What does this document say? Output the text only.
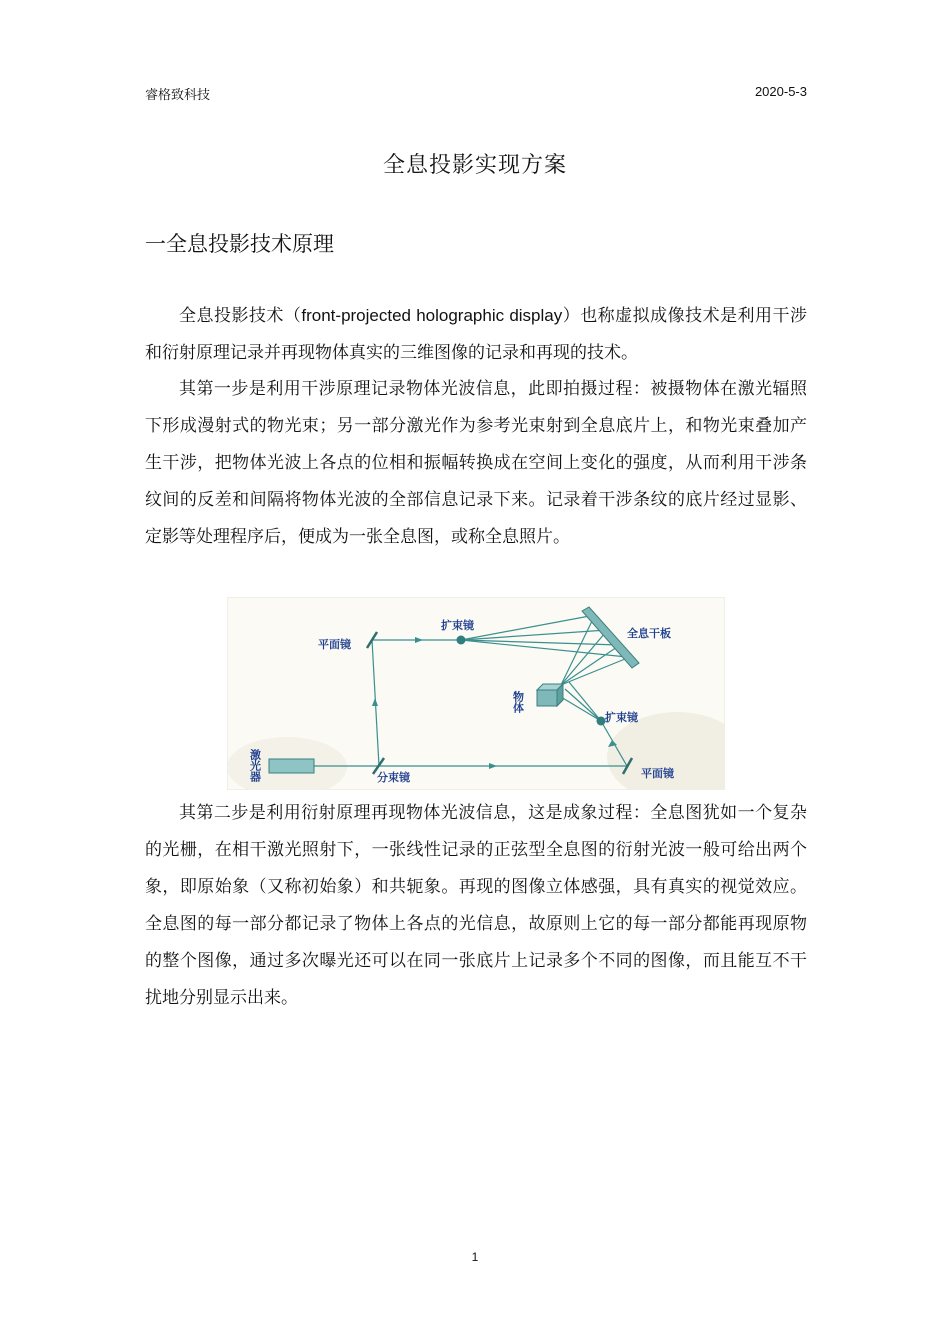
睿格致科技	2020-5-3
全息投影实现方案
一全息投影技术原理

全息投影技术（front-projected holographic display）也称虚拟成像技术是利用干涉和衍射原理记录并再现物体真实的三维图像的记录和再现的技术。

其第一步是利用干涉原理记录物体光波信息，此即拍摄过程：被摄物体在激光辐照下形成漫射式的物光束；另一部分激光作为参考光束射到全息底片上，和物光束叠加产生干涉，把物体光波上各点的位相和振幅转换成在空间上变化的强度，从而利用干涉条纹间的反差和间隔将物体光波的全部信息记录下来。记录着干涉条纹的底片经过显影、定影等处理程序后，便成为一张全息图，或称全息照片。

平面镜
扩束镜
全息干板
扩束镜
分束镜	平面镜
物体
激光器

其第二步是利用衍射原理再现物体光波信息，这是成象过程：全息图犹如一个复杂的光栅，在相干激光照射下，一张线性记录的正弦型全息图的衍射光波一般可给出两个象，即原始象（又称初始象）和共轭象。再现的图像立体感强，具有真实的视觉效应。全息图的每一部分都记录了物体上各点的光信息，故原则上它的每一部分都能再现原物的整个图像，通过多次曝光还可以在同一张底片上记录多个不同的图像，而且能互不干扰地分别显示出来。

1
